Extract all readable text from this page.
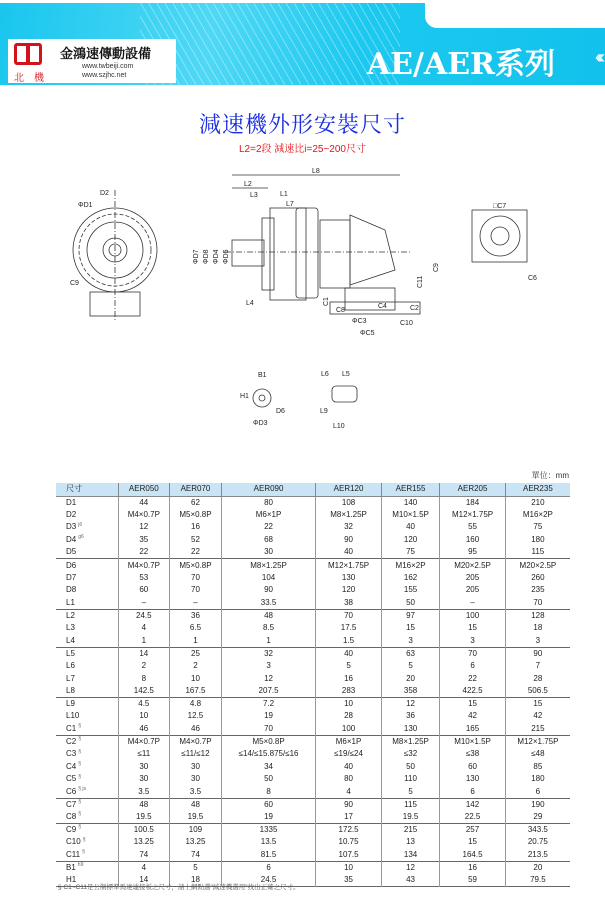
北機
金鴻速傳動設備
www.twbeiji.com
www.szjhc.net	AE/AER系列 ‹‹‹
減速機外形安裝尺寸
L2=2段 減速比i=25~200尺寸
ΦD1
D2
C9
L8
L2
L3	L1
L7
ΦD7 ΦD8 ΦD4 ΦD5
L4
C11
C9
C1
C8
C4	C2
C10
ΦC3
ΦC5
□C7
C6
B1
H1
D6
ΦD3
L6 L5
L9
L10
單位：mm
尺寸	AER050	AER070	AER090	AER120	AER155	AER205	AER235
D1	44	62	80	108	140	184	210
D2	M4×0.7P	M5×0.8P	M6×1P	M8×1.25P	M10×1.5P	M12×1.75P	M16×2P
D3 $^{j6}$	12	16	22	32	40	55	75
D4 $^{g6}$	35	52	68	90	120	160	180
D5	22	22	30	40	75	95	115
D6	M4×0.7P	M5×0.8P	M8×1.25P	M12×1.75P	M16×2P	M20×2.5P	M20×2.5P
D7	53	70	104	130	162	205	260
D8	60	70	90	120	155	205	235
L1	–	–	33.5	38	50	–	70
L2	24.5	36	48	70	97	100	128
L3	4	6.5	8.5	17.5	15	15	18
L4	1	1	1	1.5	3	3	3
L5	14	25	32	40	63	70	90
L6	2	2	3	5	5	6	7
L7	8	10	12	16	20	22	28
L8	142.5	167.5	207.5	283	358	422.5	506.5
L9	4.5	4.8	7.2	10	12	15	15
L10	10	12.5	19	28	36	42	42
C1 §	46	46	70	100	130	165	215
C2 §	M4×0.7P	M4×0.7P	M5×0.8P	M6×1P	M8×1.25P	M10×1.5P	M12×1.75P
C3 §	≤11	≤11/≤12	≤14/≤15.875/≤16	≤19/≤24	≤32	≤38	≤48
C4 §	30	30	34	40	50	60	85
C5 §	30	30	50	80	110	130	180
C6 $^{\S js}$	3.5	3.5	8	4	5	6	6
C7 §	48	48	60	90	115	142	190
C8 §	19.5	19.5	19	17	19.5	22.5	29
C9 §	100.5	109	1335	172.5	215	257	343.5
C10 §	13.25	13.25	13.5	10.75	13	15	20.75
C11 §	74	74	81.5	107.5	134	164.5	213.5
B1 $^{h9}$	4	5	6	10	12	16	20
H1	14	18	24.5	35	43	59	79.5
§ C1~C11是公制標準馬達連接板之尺寸，請上網點選"減速機選用"找出正確之尺寸。
